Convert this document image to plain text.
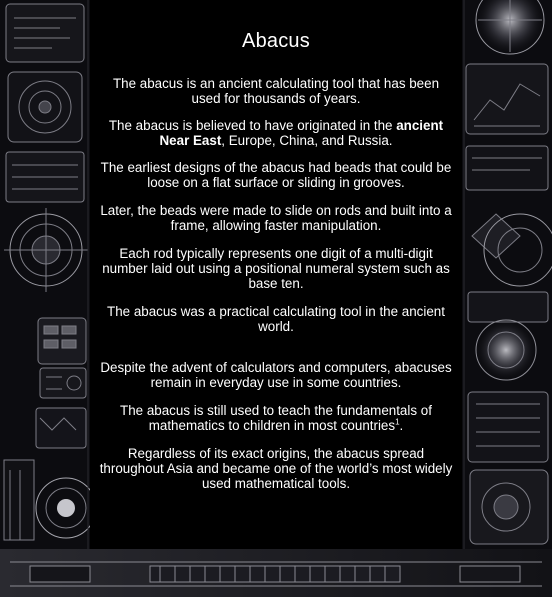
Abacus

The abacus is an ancient calculating tool that has been used for thousands of years.

The abacus is believed to have originated in the ancient Near East, Europe, China, and Russia.

The earliest designs of the abacus had beads that could be loose on a flat surface or sliding in grooves.

Later, the beads were made to slide on rods and built into a frame, allowing faster manipulation.

Each rod typically represents one digit of a multi-digit number laid out using a positional numeral system such as base ten.

The abacus was a practical calculating tool in the ancient world.

Despite the advent of calculators and computers, abacuses remain in everyday use in some countries.

The abacus is still used to teach the fundamentals of mathematics to children in most countries$^1$.

Regardless of its exact origins, the abacus spread throughout Asia and became one of the world’s most widely used mathematical tools.
